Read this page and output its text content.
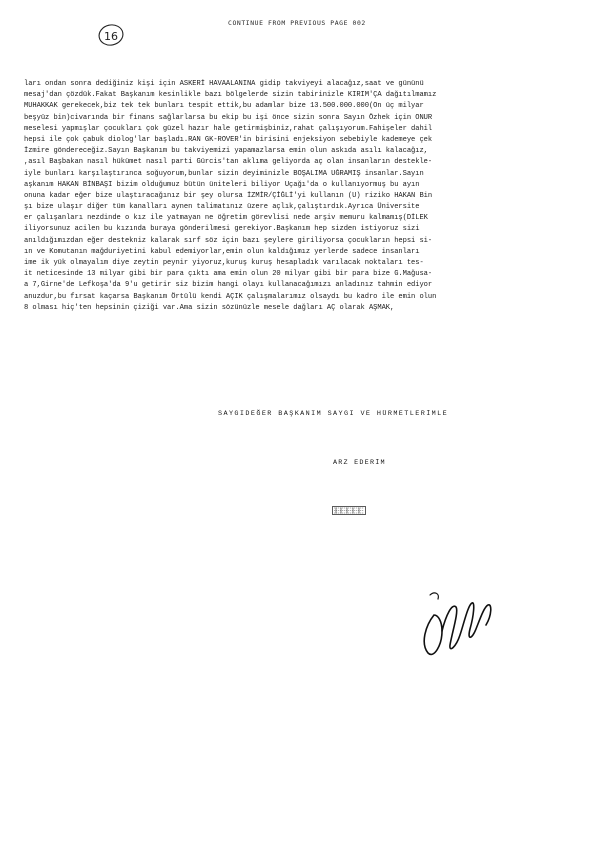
CONTINUE FROM PREVIOUS PAGE 002
16
ları ondan sonra dediğiniz kişi için ASKERİ HAVAALANINA gidip takviyeyi alacağız,saat ve gününü
mesaj'dan çözdük.Fakat Başkanım kesinlikle bazı bölgelerde sizin tabirinizle KIRIM'ÇA dağıtılmamız
MUHAKKAK gerekecek,biz tek tek bunları tespit ettik,bu adamlar bize 13.500.000.000(On üç milyar
beşyüz bin)civarında bir finans sağlarlarsa bu ekip bu işi önce sizin sonra Sayın Özhek için ONUR
meselesi yapmışlar çocukları çok güzel hazır hale getirmişbiniz,rahat çalışıyorum.Fahişeler dahil
hepsi ile çok çabuk diolog'lar başladı.RAN GK-ROVER'in birisini enjeksiyon sebebiyle kademeye çek
İzmire göndereceğiz.Sayın Başkanım bu takviyemizi yapamazlarsa emin olun askıda asılı kalacağız,
,asıl Başbakan nasıl hükümet nasıl parti Gürcis'tan aklıma geliyorda aç olan insanların destekle-
iyle bunları karşılaştırınca soğuyorum,bunlar sizin deyiminizle BOŞALIMA UĞRAMIŞ insanlar.Sayın
aşkanım HAKAN BİNBAŞI bizim olduğumuz bütün üniteleri biliyor Uçağı'da o kullanıyormuş bu ayın
onuna kadar eğer bize ulaştıracağınız bir şey olursa İZMİR/ÇİĞLİ'yi kullanın (U) riziko HAKAN Bin
şı bize ulaşır diğer tüm kanalları aynen talimatınız üzere açlık,çalıştırdık.Ayrıca Üniversite
er çalışanları nezdinde o kız ile yatmayan ne öğretim görevlisi nede arşiv memuru kalmamış(DİLEK
iliyorsunuz acilen bu kızında buraya gönderilmesi gerekiyor.Başkanım hep sizden istiyoruz sizi
anıldığımızdan eğer destekniz kalarak sırf söz için bazı şeylere giriliyorsa çocukların hepsi si-
ın ve Komutanın mağduriyetini kabul edemiyorlar,emin olun kaldığımız yerlerde sadece insanları
ime ik yük olmayalım diye zeytin peynir yiyoruz,kuruş kuruş hesapladık varılacak noktaları tes-
it neticesinde 13 milyar gibi bir para çıktı ama emin olun 20 milyar gibi bir para bize G.Mağusa-
a 7,Girne'de Lefkoşa'da 9'u getirir siz bizim hangi olayı kullanacağımızı anladınız tahmin ediyor
anuzdur,bu fırsat kaçarsa Başkanım Örtülü kendi AÇIK çalışmalarımız olsaydı bu kadro ile emin olun
8 olması hiç'ten hepsinin çiziği var.Ama sizin sözünüzle mesele dağları AÇ olarak AŞMAK,
SAYGIDEĞER BAŞKANIM SAYGI VE HÜRMETLERİMLE
ARZ EDERİM
